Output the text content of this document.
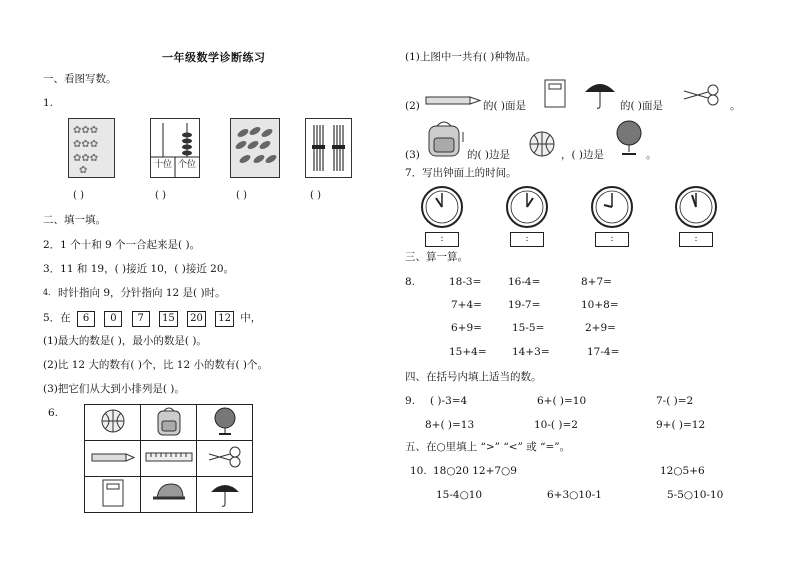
一年级数学诊断练习
一、看图写数。
1.
✿✿✿
✿✿✿
✿✿✿
✿	十位 个位
( )	( )	( )	( )
二、填一填。
2．1 个十和 9 个一合起来是( )。
3．11 和 19，( )接近 10，( )接近 20。
4． 时针指向 9，分针指向 12 是( )时。
5．在 6 0 7 15 20 12 中，
(1)最大的数是( )，最小的数是( )。
(2)比 12 大的数有( )个，比 12 小的数有( )个。
(3)把它们从大到小排列是( )。
6.

(1)上图中一共有( )种物品。
(2)	的( )面是	的( )面是	。
(3)	的( )边是	，( )边是	。
7．写出钟面上的时间。
:	:	:	:
三、算一算。
8.	18-3=	16-4=	8+7=
7+4= 19-7=	10+8=
6+9=	15-5=	2+9=
15+4= 14+3=	17-4=
四、在括号内填上适当的数。
9. ( )-3=4	6+( )=10	7-( )=2
8+( )=13	10-( )=2	9+( )=12
五、在○里填上 “>” “<” 或 “=”。
10. 18○20 12+7○9	12○5+6
15-4○10	6+3○10-1	5-5○10-10
